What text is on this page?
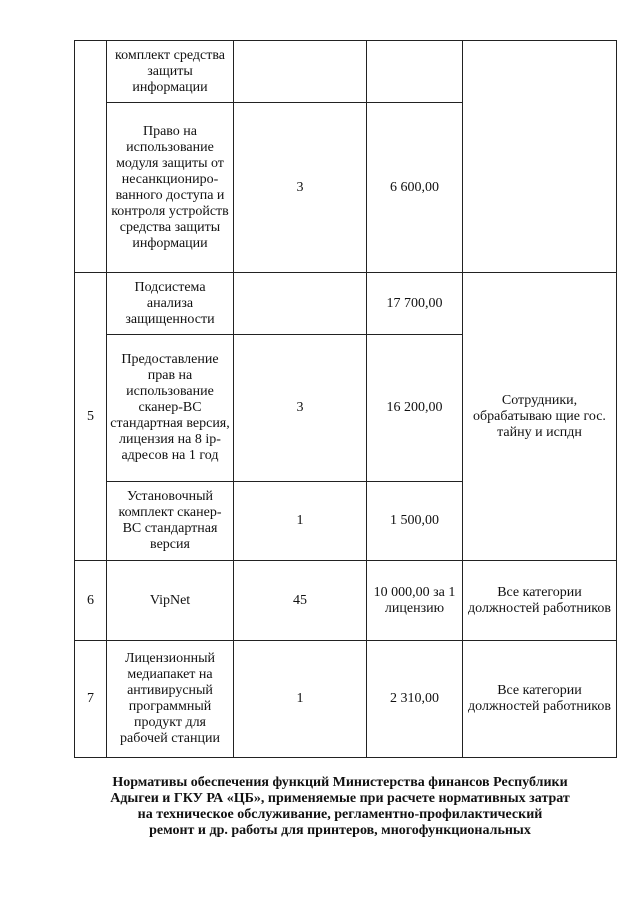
	комплект средства защиты информации			
	Право на использование модуля защиты от несанкциониро-ванного доступа и контроля устройств средства защиты информации	3	6 600,00	
5	Подсистема анализа защищенности		17 700,00	Сотрудники, обрабатываю щие гос. тайну и испдн
	Предоставление прав на использование сканер-ВС стандартная версия, лицензия на 8 ip-адресов на 1 год	3	16 200,00	
	Установочный комплект сканер-ВС стандартная версия	1	1 500,00	
6	VipNet	45	10 000,00 за 1 лицензию	Все категории должностей работников
7	Лицензионный медиапакет на антивирусный программный продукт для рабочей станции	1	2 310,00	Все категории должностей работников
Нормативы обеспечения функций Министерства финансов Республики
Адыгеи и ГКУ РА «ЦБ», применяемые при расчете нормативных затрат
на техническое обслуживание, регламентно-профилактический
ремонт и др. работы для принтеров, многофункциональных
